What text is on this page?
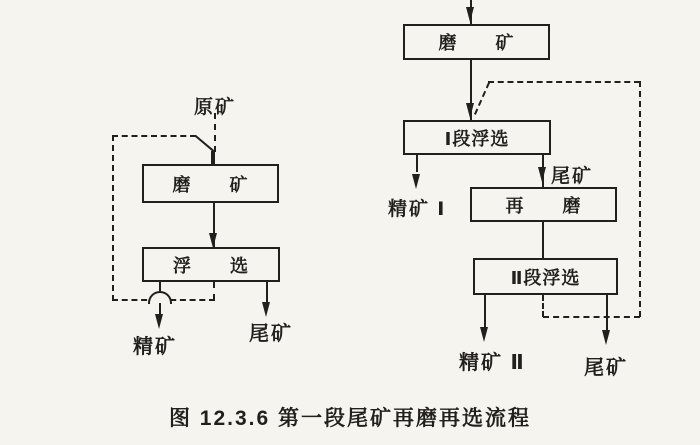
原矿
磨　　矿
浮　　选
精矿
尾矿
磨　　矿
Ⅰ段浮选
精矿 Ⅰ
尾矿
再　　磨
Ⅱ段浮选
精矿 Ⅱ	尾矿
图 12.3.6 第一段尾矿再磨再选流程
